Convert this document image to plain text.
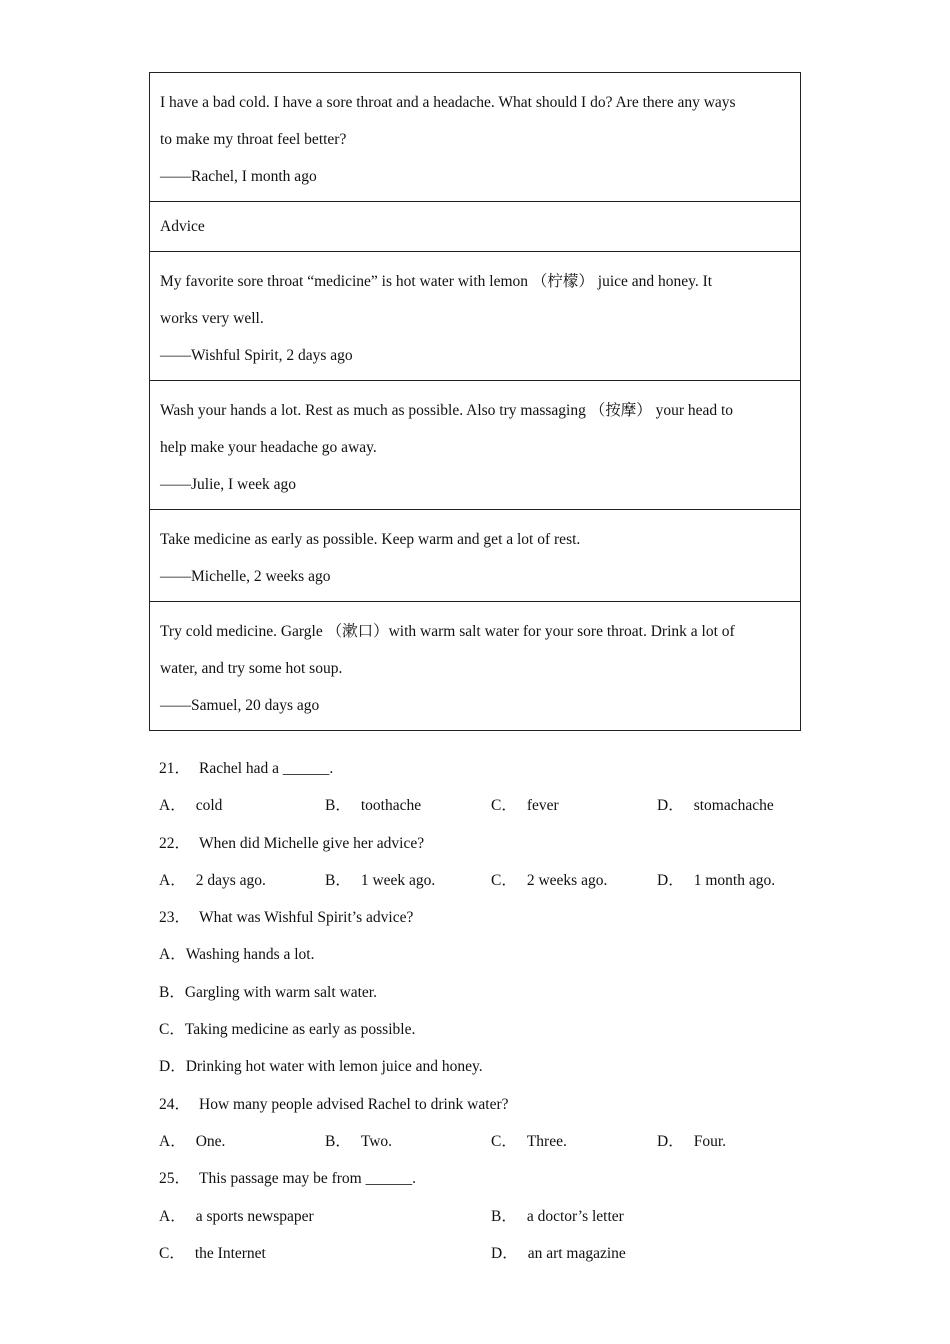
I have a bad cold. I have a sore throat and a headache. What should I do? Are there any ways

to make my throat feel better?

——Rachel, I month ago

Advice

My favorite sore throat “medicine” is hot water with lemon （柠檬） juice and honey. It

works very well.

——Wishful Spirit, 2 days ago

Wash your hands a lot. Rest as much as possible. Also try massaging （按摩） your head to

help make your headache go away.

——Julie, I week ago

Take medicine as early as possible. Keep warm and get a lot of rest.

——Michelle, 2 weeks ago

Try cold medicine. Gargle （漱口）with warm salt water for your sore throat. Drink a lot of

water, and try some hot soup.

——Samuel, 20 days ago

21． Rachel had a ______.
A． cold	B． toothache	C． fever	D． stomachache
22． When did Michelle give her advice?
A． 2 days ago.	B． 1 week ago.	C． 2 weeks ago.	D． 1 month ago.
23． What was Wishful Spirit’s advice?
A．Washing hands a lot.
B．Gargling with warm salt water.
C．Taking medicine as early as possible.
D．Drinking hot water with lemon juice and honey.
24． How many people advised Rachel to drink water?
A． One.	B． Two.	C． Three.	D． Four.
25． This passage may be from ______.
A． a sports newspaper	B． a doctor’s letter
C． the Internet	D． an art magazine
